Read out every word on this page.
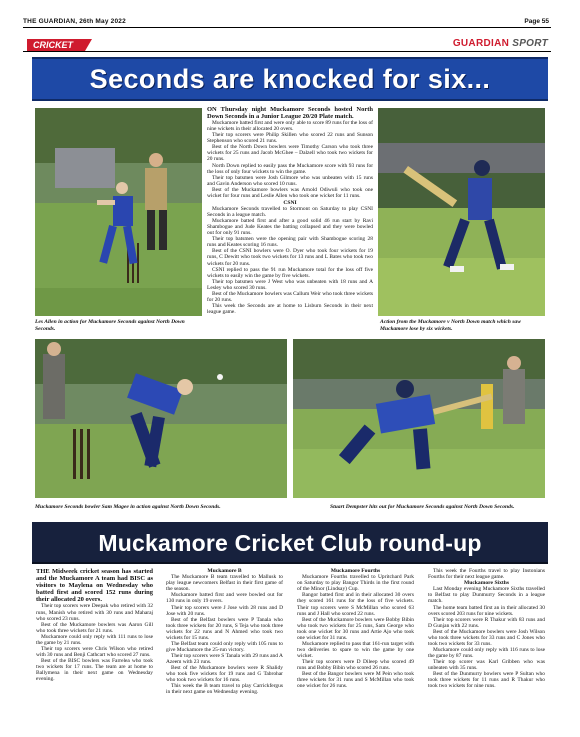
THE GUARDIAN, 26th May 2022	Page 55
CRICKET	GUARDIAN SPORT
Seconds are knocked for six...
Les Allen in action for Muckamore Seconds against North Down Seconds.

ON Thursday night Muckamore Seconds hosted North Down Seconds in a Junior League 20/20 Plate match.

Muckamore batted first and were only able to score 89 runs for the loss of nine wickets in their allocated 20 overs.

Their top scorers were Philip Skillen who scored 22 runs and Sunson Stephenson who scored 21 runs.

Best of the North Down bowlers were Timothy Carson who took three wickets for 25 runs and Jacob McGhee – Dalzell who took two wickets for 20 runs.

North Down replied to easily pass the Muckamore score with 93 runs for the loss of only four wickets to win the game.

Their top batsmen were Josh Gilmore who was unbeaten with 15 runs and Gavin Anderson who scored 10 runs.

Best of the Muckamore bowlers was Arnold Odiwuli who took one wicket for four runs and Leslie Allen who took one wicket for 11 runs.

CSNI

Muckamore Seconds travelled to Stormont on Saturday to play CSNI Seconds in a league match.

Muckamore batted first and after a good solid 46 run start by Ravi Shambogue and Jude Keates the batting collapsed and they were bowled out for only 91 runs.

Their top batsmen were the opening pair with Shambogue scoring 28 runs and Keates scoring 16 runs.

Best of the CSNI bowlers were O. Dyer who took four wickets for 19 runs, C Dewitt who took two wickets for 13 runs and L Bates who took two wickets for 20 runs.

CSNI replied to pass the 91 run Muckamore total for the loss off five wickets to easily win the game by five wickets.

Their top batsmen were J West who was unbeaten with 18 runs and A Lesley who scored 30 runs.

Best of the Muckamore bowlers was Callum Weir who took three wickets for 20 runs.

This week the Seconds are at home to Lisburn Seconds in their next league game.

Action from the Muckamore v North Down match which saw Muckamore lose by six wickets.
Muckamore Seconds bowler Sam Magee in action against North Down Seconds.	Stuart Dempster hits out for Muckamore Seconds against North Down Seconds.
Muckamore Cricket Club round-up

THE Midweek cricket season has started and the Muckamore A team had BISC as visitors to Maylena on Wednesday who batted first and scored 152 runs during their allocated 20 overs.

Their top scorers were Deepak who retired with 32 runs, Manish who retired with 30 runs and Maharaj who scored 23 runs.

Best of the Muckamore bowlers was Aaron Gill who took three wickets for 21 runs.

Muckamore could only reply with 111 runs to lose the game by 21 runs.

Their top scorers were Chris Wilson who retired with 30 runs and Benji Cathcart who scored 27 runs.

Best of the BISC bowlers was Farrelea who took two wickets for 17 runs. The team are at home to Ballymena in their next game on Wednesday evening.

Muckamore B

The Muckamore B team travelled to Mallusk to play league newcomers Belfast in their first game of the season.

Muckamore batted first and were bowled out for 130 runs in only 19 overs.

Their top scorers were J Jose with 28 runs and D Jose with 20 runs.

Best of the Belfast bowlers were P Tanala who took three wickets for 20 runs, S Teja who took three wickets for 22 runs and N Ahmed who took two wickets for 15 runs.

The Belfast team could only reply with 105 runs to give Muckamore the 25-run victory.

Their top scorers were S Tanala with 29 runs and A Azeem with 23 runs.

Best of the Muckamore bowlers were R Shalidy who took five wickets for 19 runs and G Tabrohar who took two wickets for 16 runs.

This week the B team travel to play Carrickfergus in their next game on Wednesday evening.

Muckamore Fourths

Muckamore Fourths travelled to Upritchard Park on Saturday to play Bangor Thirds in the first round of the Minor (Lindsay) Cup.

Bangor batted first and in their allocated 30 overs they scored 161 runs for the loss of five wickets. Their top scorers were S McMillan who scored 63 runs and J Hall who scored 22 runs.

Best of the Muckamore bowlers were Bobby Bibin who took two wickets for 25 runs, Sam George who took one wicket for 30 runs and Artie Ajo who took one wicket for 31 runs.

Muckamore replied to pass that 161-run target with two deliveries to spare to win the game by one wicket.

Their top scorers were D Dileep who scored 49 runs and Bobby Bibin who scored 26 runs.

Best of the Bangor bowlers were M Pein who took three wickets for 31 runs and S McMillan who took one wicket for 26 runs.

This week the Fourths travel to play Instonians Fourths for their next league game.

Muckamore Sixths

Last Monday evening Muckamore Sixths travelled to Belfast to play Dunmurry Seconds in a league match.

The home team batted first an in their allocated 30 overs scored 203 runs for nine wickets.

Their top scorers were R Thakur with 83 runs and D Gunjan with 22 runs.

Best of the Muckamore bowlers were Josh Wilson who took three wickets for 33 runs and C Jones who took two wickets for 33 runs.

Muckamore could only reply with 116 runs to lose the game by 87 runs.

Their top scorer was Karl Gribben who was unbeaten with 35 runs.

Best of the Dunmurry bowlers were P Sultan who took three wickets for 11 runs and R Thakur who took two wickets for nine runs.
